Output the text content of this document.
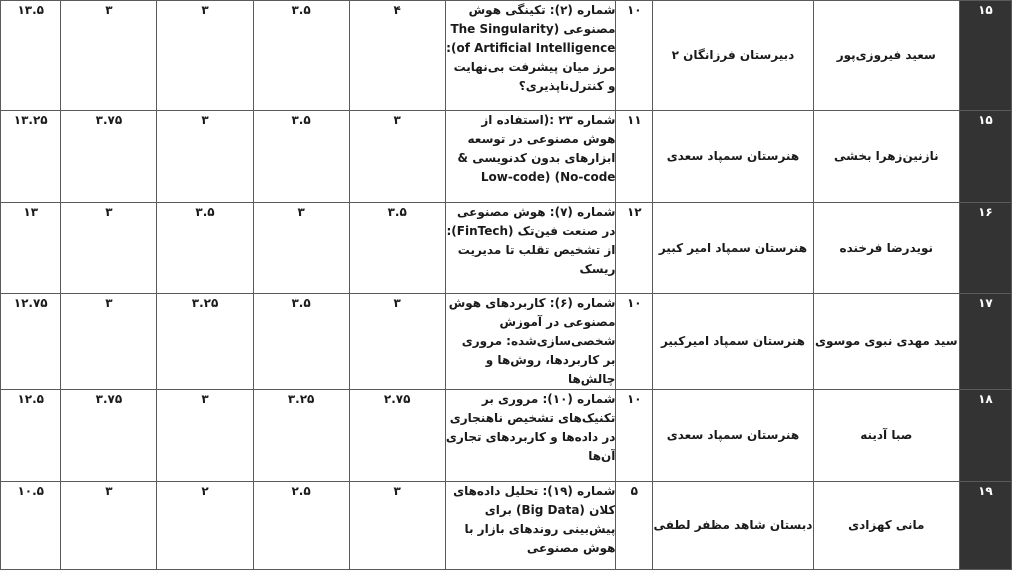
۱۵	سعید فیروزی‌پور	دبیرستان فرزانگان ۲	۱۰	شماره (۲): تکینگی هوش مصنوعی (The Singularity of Artificial Intelligence): مرز میان پیشرفت بی‌نهایت و کنترل‌ناپذیری؟	۴	۳.۵	۳	۳	۱۳.۵
۱۵	نازنین‌زهرا بخشی	هنرستان سمپاد سعدی	۱۱	شماره ۲۳ :(استفاده از هوش مصنوعی در توسعه ابزارهای بدون کدنویسی & No-code) (Low-code	۳	۳.۵	۳	۳.۷۵	۱۳.۲۵
۱۶	نویدرضا فرخنده	هنرستان سمپاد امیر کبیر	۱۲	شماره (۷): هوش مصنوعی در صنعت فین‌تک (FinTech): از تشخیص تقلب تا مدیریت ریسک	۳.۵	۳	۳.۵	۳	۱۳
۱۷	سید مهدی نبوی موسوی	هنرستان سمپاد امیرکبیر	۱۰	شماره (۶): کاربردهای هوش مصنوعی در آموزش شخصی‌سازی‌شده: مروری بر کاربردها، روش‌ها و چالش‌ها	۳	۳.۵	۳.۲۵	۳	۱۲.۷۵
۱۸	صبا آدینه	هنرستان سمپاد سعدی	۱۰	شماره (۱۰): مروری بر تکنیک‌های تشخیص ناهنجاری در داده‌ها و کاربردهای تجاری آن‌ها	۲.۷۵	۳.۲۵	۳	۳.۷۵	۱۲.۵
۱۹	مانی کهزادی	دبستان شاهد مظفر لطفی	۵	شماره (۱۹): تحلیل داده‌های کلان (Big Data) برای پیش‌بینی روندهای بازار با هوش مصنوعی	۳	۲.۵	۲	۳	۱۰.۵
